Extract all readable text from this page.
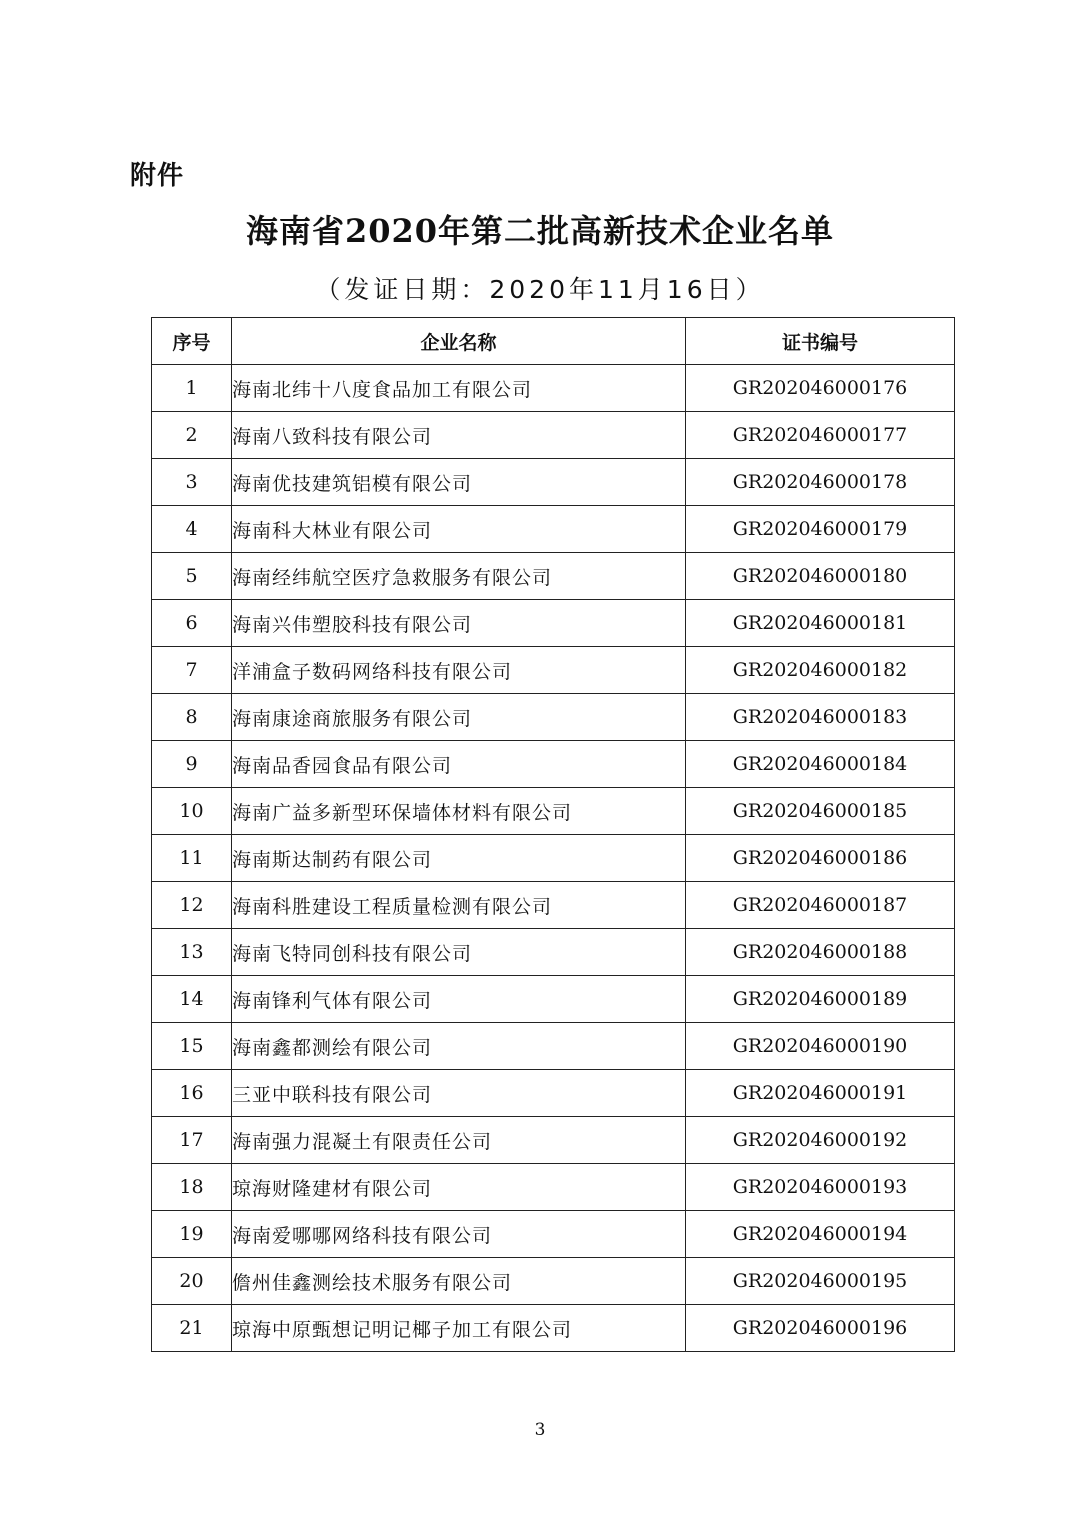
附件
海南省2020年第二批高新技术企业名单
（发证日期：2020年11月16日）
序号	企业名称	证书编号
1	海南北纬十八度食品加工有限公司	GR202046000176
2	海南八致科技有限公司	GR202046000177
3	海南优技建筑铝模有限公司	GR202046000178
4	海南科大林业有限公司	GR202046000179
5	海南经纬航空医疗急救服务有限公司	GR202046000180
6	海南兴伟塑胶科技有限公司	GR202046000181
7	洋浦盒子数码网络科技有限公司	GR202046000182
8	海南康途商旅服务有限公司	GR202046000183
9	海南品香园食品有限公司	GR202046000184
10	海南广益多新型环保墙体材料有限公司	GR202046000185
11	海南斯达制药有限公司	GR202046000186
12	海南科胜建设工程质量检测有限公司	GR202046000187
13	海南飞特同创科技有限公司	GR202046000188
14	海南锋利气体有限公司	GR202046000189
15	海南鑫都测绘有限公司	GR202046000190
16	三亚中联科技有限公司	GR202046000191
17	海南强力混凝土有限责任公司	GR202046000192
18	琼海财隆建材有限公司	GR202046000193
19	海南爱哪哪网络科技有限公司	GR202046000194
20	儋州佳鑫测绘技术服务有限公司	GR202046000195
21	琼海中原甄想记明记椰子加工有限公司	GR202046000196
3
